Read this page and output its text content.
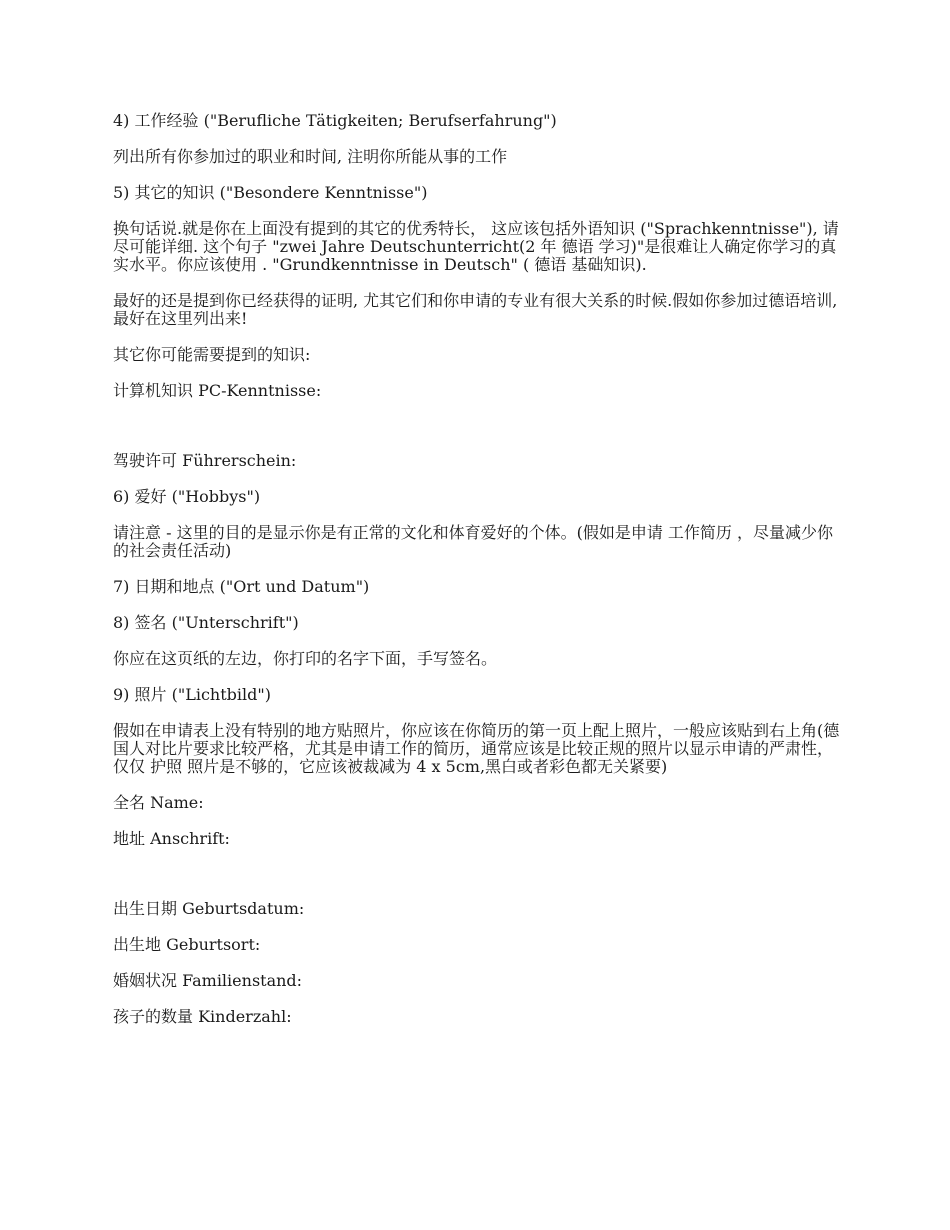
4) 工作经验 ("Berufliche Tätigkeiten; Berufserfahrung")

列出所有你参加过的职业和时间, 注明你所能从事的工作

5) 其它的知识 ("Besondere Kenntnisse")

换句话说.就是你在上面没有提到的其它的优秀特长， 这应该包括外语知识 ("Sprachkenntnisse"), 请尽可能详细. 这个句子 "zwei Jahre Deutschunterricht(2 年 德语 学习)"是很难让人确定你学习的真实水平。你应该使用 . "Grundkenntnisse in Deutsch" ( 德语 基础知识).

最好的还是提到你已经获得的证明, 尤其它们和你申请的专业有很大关系的时候.假如你参加过德语培训, 最好在这里列出来!

其它你可能需要提到的知识:

计算机知识 PC-Kenntnisse:

驾驶许可 Führerschein:

6) 爱好 ("Hobbys")

请注意 - 这里的目的是显示你是有正常的文化和体育爱好的个体。(假如是申请 工作简历 ，尽量减少你的社会责任活动)

7) 日期和地点 ("Ort und Datum")

8) 签名 ("Unterschrift")

你应在这页纸的左边，你打印的名字下面，手写签名。

9) 照片 ("Lichtbild")

假如在申请表上没有特别的地方贴照片，你应该在你简历的第一页上配上照片，一般应该贴到右上角(德国人对比片要求比较严格，尤其是申请工作的简历，通常应该是比较正规的照片以显示申请的严肃性，仅仅 护照 照片是不够的，它应该被裁减为 4 x 5cm,黑白或者彩色都无关紧要)

全名 Name:

地址 Anschrift:

出生日期 Geburtsdatum:

出生地 Geburtsort:

婚姻状况 Familienstand:

孩子的数量 Kinderzahl:
